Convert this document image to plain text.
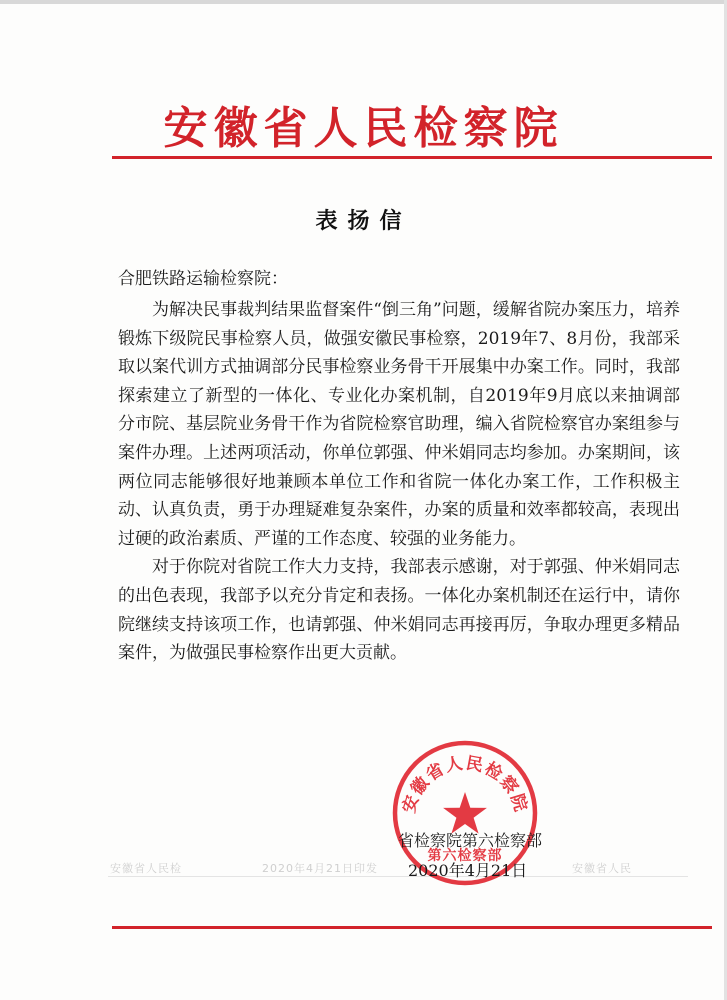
安徽省人民检察院
表扬信
合肥铁路运输检察院：

为解决民事裁判结果监督案件“倒三角”问题，缓解省院办案压力，培养锻炼下级院民事检察人员，做强安徽民事检察，2019年7、8月份，我部采取以案代训方式抽调部分民事检察业务骨干开展集中办案工作。同时，我部探索建立了新型的一体化、专业化办案机制，自2019年9月底以来抽调部分市院、基层院业务骨干作为省院检察官助理，编入省院检察官办案组参与案件办理。上述两项活动，你单位郭强、仲米娟同志均参加。办案期间，该两位同志能够很好地兼顾本单位工作和省院一体化办案工作，工作积极主动、认真负责，勇于办理疑难复杂案件，办案的质量和效率都较高，表现出过硬的政治素质、严谨的工作态度、较强的业务能力。

对于你院对省院工作大力支持，我部表示感谢，对于郭强、仲米娟同志的出色表现，我部予以充分肯定和表扬。一体化办案机制还在运行中，请你院继续支持该项工作，也请郭强、仲米娟同志再接再厉，争取办理更多精品案件，为做强民事检察作出更大贡献。

安徽省人民检	2020年4月21日印发	安徽省人民
安徽省人民检察院
第六检察部
省检察院第六检察部
2020年4月21日
